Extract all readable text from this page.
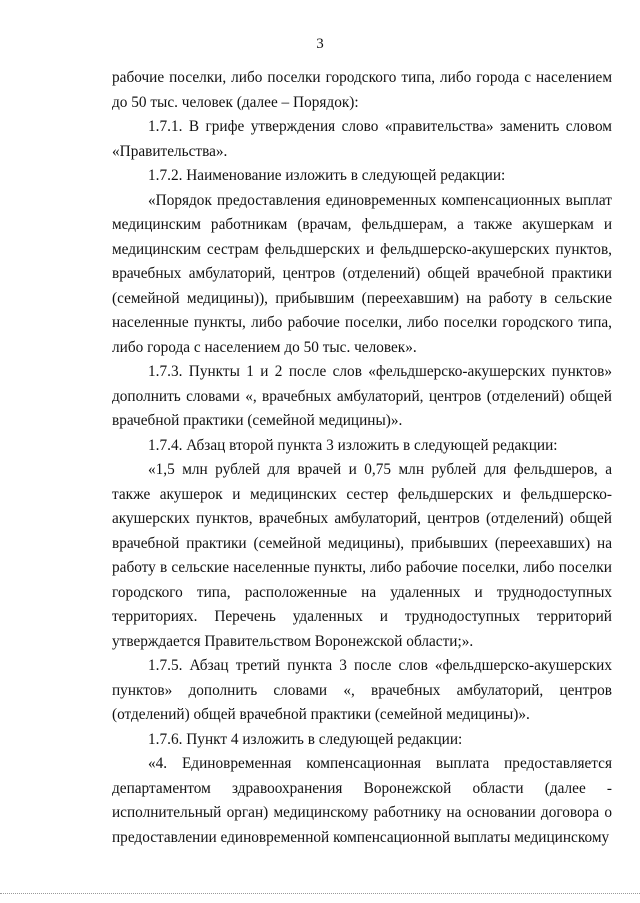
3

рабочие поселки, либо поселки городского типа, либо города с населением до 50 тыс. человек (далее – Порядок):

1.7.1. В грифе утверждения слово «правительства» заменить словом «Правительства».

1.7.2. Наименование изложить в следующей редакции:

«Порядок предоставления единовременных компенсационных выплат медицинским работникам (врачам, фельдшерам, а также акушеркам и медицинским сестрам фельдшерских и фельдшерско-акушерских пунктов, врачебных амбулаторий, центров (отделений) общей врачебной практики (семейной медицины)), прибывшим (переехавшим) на работу в сельские населенные пункты, либо рабочие поселки, либо поселки городского типа, либо города с населением до 50 тыс. человек».

1.7.3. Пункты 1 и 2 после слов «фельдшерско-акушерских пунктов» дополнить словами «, врачебных амбулаторий, центров (отделений) общей врачебной практики (семейной медицины)».

1.7.4. Абзац второй пункта 3 изложить в следующей редакции:

«1,5 млн рублей для врачей и 0,75 млн рублей для фельдшеров, а также акушерок и медицинских сестер фельдшерских и фельдшерско-акушерских пунктов, врачебных амбулаторий, центров (отделений) общей врачебной практики (семейной медицины), прибывших (переехавших) на работу в сельские населенные пункты, либо рабочие поселки, либо поселки городского типа, расположенные на удаленных и труднодоступных территориях. Перечень удаленных и труднодоступных территорий утверждается Правительством Воронежской области;».

1.7.5. Абзац третий пункта 3 после слов «фельдшерско-акушерских пунктов» дополнить словами «, врачебных амбулаторий, центров (отделений) общей врачебной практики (семейной медицины)».

1.7.6. Пункт 4 изложить в следующей редакции:

«4. Единовременная компенсационная выплата предоставляется департаментом здравоохранения Воронежской области (далее - исполнительный орган) медицинскому работнику на основании договора о предоставлении единовременной компенсационной выплаты медицинскому
